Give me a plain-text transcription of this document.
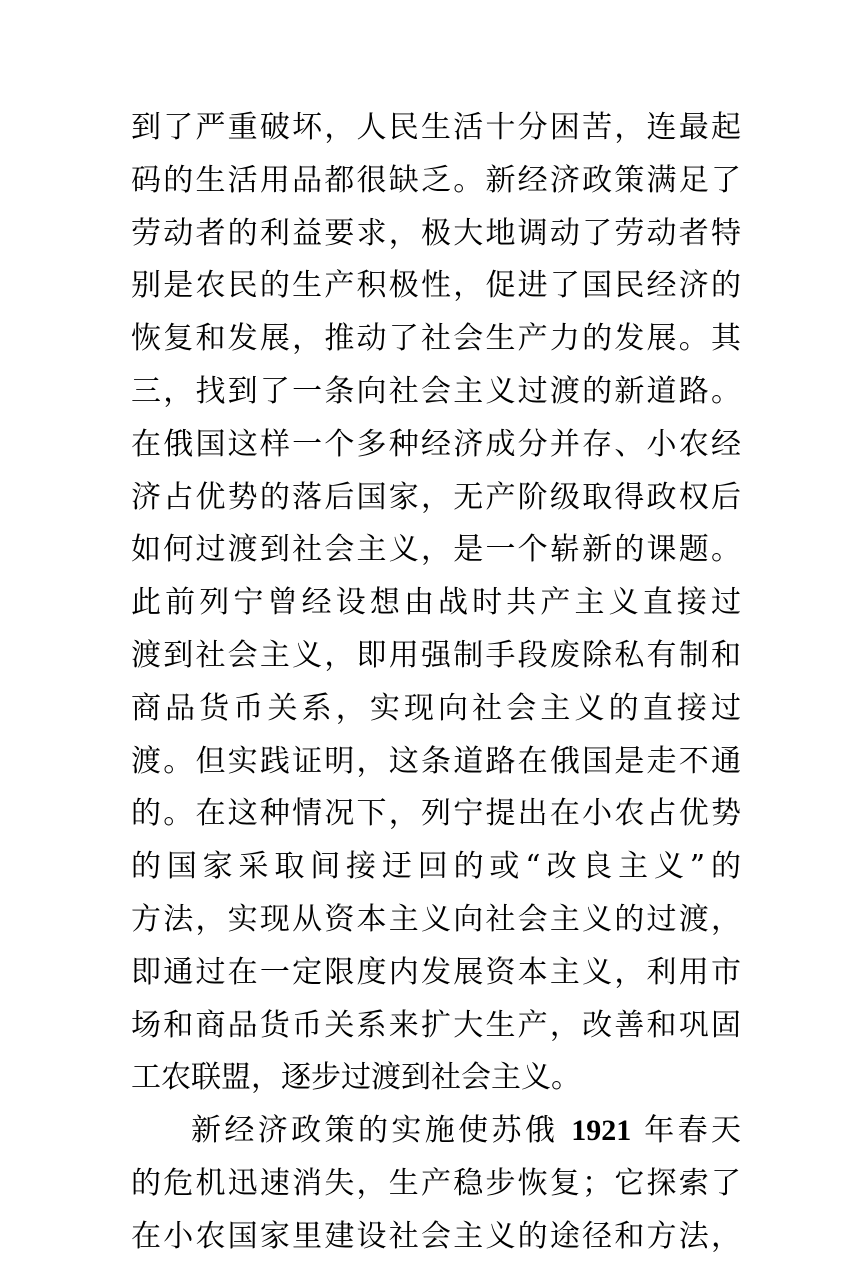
到了严重破坏，人民生活十分困苦，连最起
码的生活用品都很缺乏。新经济政策满足了
劳动者的利益要求，极大地调动了劳动者特
别是农民的生产积极性，促进了国民经济的
恢复和发展，推动了社会生产力的发展。其
三，找到了一条向社会主义过渡的新道路。
在俄国这样一个多种经济成分并存、小农经
济占优势的落后国家，无产阶级取得政权后
如何过渡到社会主义，是一个崭新的课题。
此前列宁曾经设想由战时共产主义直接过
渡到社会主义，即用强制手段废除私有制和
商品货币关系，实现向社会主义的直接过
渡。但实践证明，这条道路在俄国是走不通
的。在这种情况下，列宁提出在小农占优势
的国家采取间接迂回的或“改良主义”的
方法，实现从资本主义向社会主义的过渡，
即通过在一定限度内发展资本主义，利用市
场和商品货币关系来扩大生产，改善和巩固
工农联盟，逐步过渡到社会主义。
新经济政策的实施使苏俄 1921 年春天
的危机迅速消失，生产稳步恢复；它探索了
在小农国家里建设社会主义的途径和方法，
